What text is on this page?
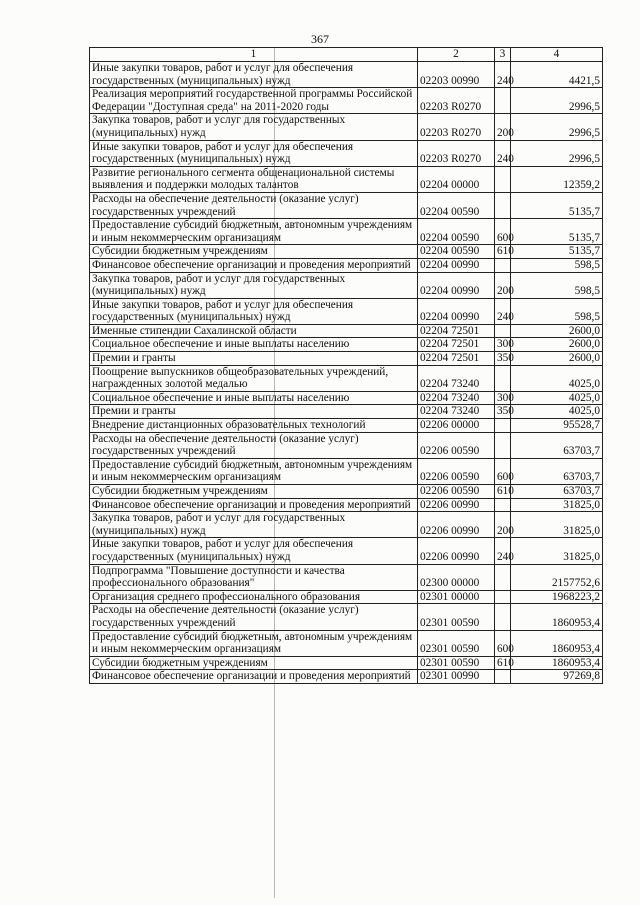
367
1	2	3	4
Иные закупки товаров, работ и услуг для обеспечения государственных (муниципальных) нужд	02203 00990	240	4421,5
Реализация мероприятий государственной программы Российской Федерации "Доступная среда" на 2011-2020 годы	02203 R0270		2996,5
Закупка товаров, работ и услуг для государственных (муниципальных) нужд	02203 R0270	200	2996,5
Иные закупки товаров, работ и услуг для обеспечения государственных (муниципальных) нужд	02203 R0270	240	2996,5
Развитие регионального сегмента общенациональной системы выявления и поддержки молодых талантов	02204 00000		12359,2
Расходы на обеспечение деятельности (оказание услуг) государственных учреждений	02204 00590		5135,7
Предоставление субсидий бюджетным, автономным учреждениям и иным некоммерческим организациям	02204 00590	600	5135,7
Субсидии бюджетным учреждениям	02204 00590	610	5135,7
Финансовое обеспечение организации и проведения мероприятий	02204 00990		598,5
Закупка товаров, работ и услуг для государственных (муниципальных) нужд	02204 00990	200	598,5
Иные закупки товаров, работ и услуг для обеспечения государственных (муниципальных) нужд	02204 00990	240	598,5
Именные стипендии Сахалинской области	02204 72501		2600,0
Социальное обеспечение и иные выплаты населению	02204 72501	300	2600,0
Премии и гранты	02204 72501	350	2600,0
Поощрение выпускников общеобразовательных учреждений, награжденных золотой медалью	02204 73240		4025,0
Социальное обеспечение и иные выплаты населению	02204 73240	300	4025,0
Премии и гранты	02204 73240	350	4025,0
Внедрение дистанционных образовательных технологий	02206 00000		95528,7
Расходы на обеспечение деятельности (оказание услуг) государственных учреждений	02206 00590		63703,7
Предоставление субсидий бюджетным, автономным учреждениям и иным некоммерческим организациям	02206 00590	600	63703,7
Субсидии бюджетным учреждениям	02206 00590	610	63703,7
Финансовое обеспечение организации и проведения мероприятий	02206 00990		31825,0
Закупка товаров, работ и услуг для государственных (муниципальных) нужд	02206 00990	200	31825,0
Иные закупки товаров, работ и услуг для обеспечения государственных (муниципальных) нужд	02206 00990	240	31825,0
Подпрограмма "Повышение доступности и качества профессионального образования"	02300 00000		2157752,6
Организация среднего профессионального образования	02301 00000		1968223,2
Расходы на обеспечение деятельности (оказание услуг) государственных учреждений	02301 00590		1860953,4
Предоставление субсидий бюджетным, автономным учреждениям и иным некоммерческим организациям	02301 00590	600	1860953,4
Субсидии бюджетным учреждениям	02301 00590	610	1860953,4
Финансовое обеспечение организации и проведения мероприятий	02301 00990		97269,8
